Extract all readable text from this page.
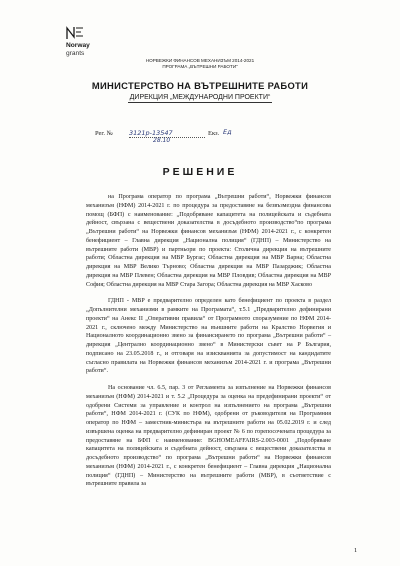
Norway
grants
НОРВЕЖКИ ФИНАНСОВ МЕХАНИЗЪМ 2014-2021
ПРОГРАМА „ВЪТРЕШНИ РАБОТИ“
МИНИСТЕРСТВО НА ВЪТРЕШНИТЕ РАБОТИ
ДИРЕКЦИЯ „МЕЖДУНАРОДНИ ПРОЕКТИ“
Рег. № 3121р-13547	Екз. Ед
28.10
РЕШЕНИЕ

на Програма оператор по програма „Вътрешни работи“, Норвежки финансов механизъм (НФМ) 2014-2021 г. по процедура за предоставяне на безвъзмездна финансова помощ (БФП) с наименование: „Подобряване капацитета на полицейската и съдебната дейност, свързана с веществени доказателства в досъдебното производство“по програма „Вътрешни работи“ на Норвежки финансов механизъм (НФМ) 2014-2021 г., с конкретен бенефициент – Главна дирекция „Национална полиция“ (ГДНП) – Министерство на вътрешните работи (МВР) и партньори по проекта: Столична дирекция на вътрешните работи; Областна дирекция на МВР Бургас; Областна дирекция на МВР Варна; Областна дирекция на МВР Велико Търново; Областна дирекция на МВР Пазарджик; Областна дирекция на МВР Плевен; Областна дирекция на МВР Пловдив; Областна дирекция на МВР София; Областна дирекция на МВР Стара Загора; Областна дирекция на МВР Хасково

ГДНП - МВР е предварително определен като бенефициент по проекта в раздел „Допълнителни механизми в рамките на Програмата“, т.5.1 „Предварително дефинирани проекти“ на Анекс II „Оперативни правила“ от Програмното споразумение по НФМ 2014-2021 г., сключено между Министерство на външните работи на Кралство Норвегия и Националното координационно звено за финансирането по програма „Вътрешни работи“ – дирекция „Централно координационно звено“ в Министерски съвет на Р България, подписано на 23.05.2018 г., и отговаря на изискванията за допустимост на кандидатите съгласно правилата на Норвежки финансов механизъм 2014-2021 г. и програма „Вътрешни работи“.

На основание чл. 6.5, пар. 3 от Регламента за изпълнение на Норвежки финансов механизъм (НФМ) 2014-2021 и т. 5.2 „Процедура за оценка на предефинирани проекти“ от одобрени Системи за управление и контрол на изпълнението на програма „Вътрешни работи“, НФМ 2014-2021 г. (СУК по НФМ), одобрени от ръководителя на Програмния оператор по НФМ – заместник-министъра на вътрешните работи на 05.02.2019 г. и след извършена оценка на предварително дефиниран проект № 6 по горепосочената процедура за предоставяне на БФП с наименование: BGHOMEAFFAIRS-2.003-0001 „Подобряване капацитета на полицейската и съдебната дейност, свързана с веществени доказателства в досъдебното производство“ по програма „Вътрешни работи“ на Норвежки финансов механизъм (НФМ) 2014-2021 г., с конкретен бенефициент – Главна дирекция „Национална полиция“ (ГДНП) – Министерство на вътрешните работи (МВР), в съответствие с вътрешните правила за

1
